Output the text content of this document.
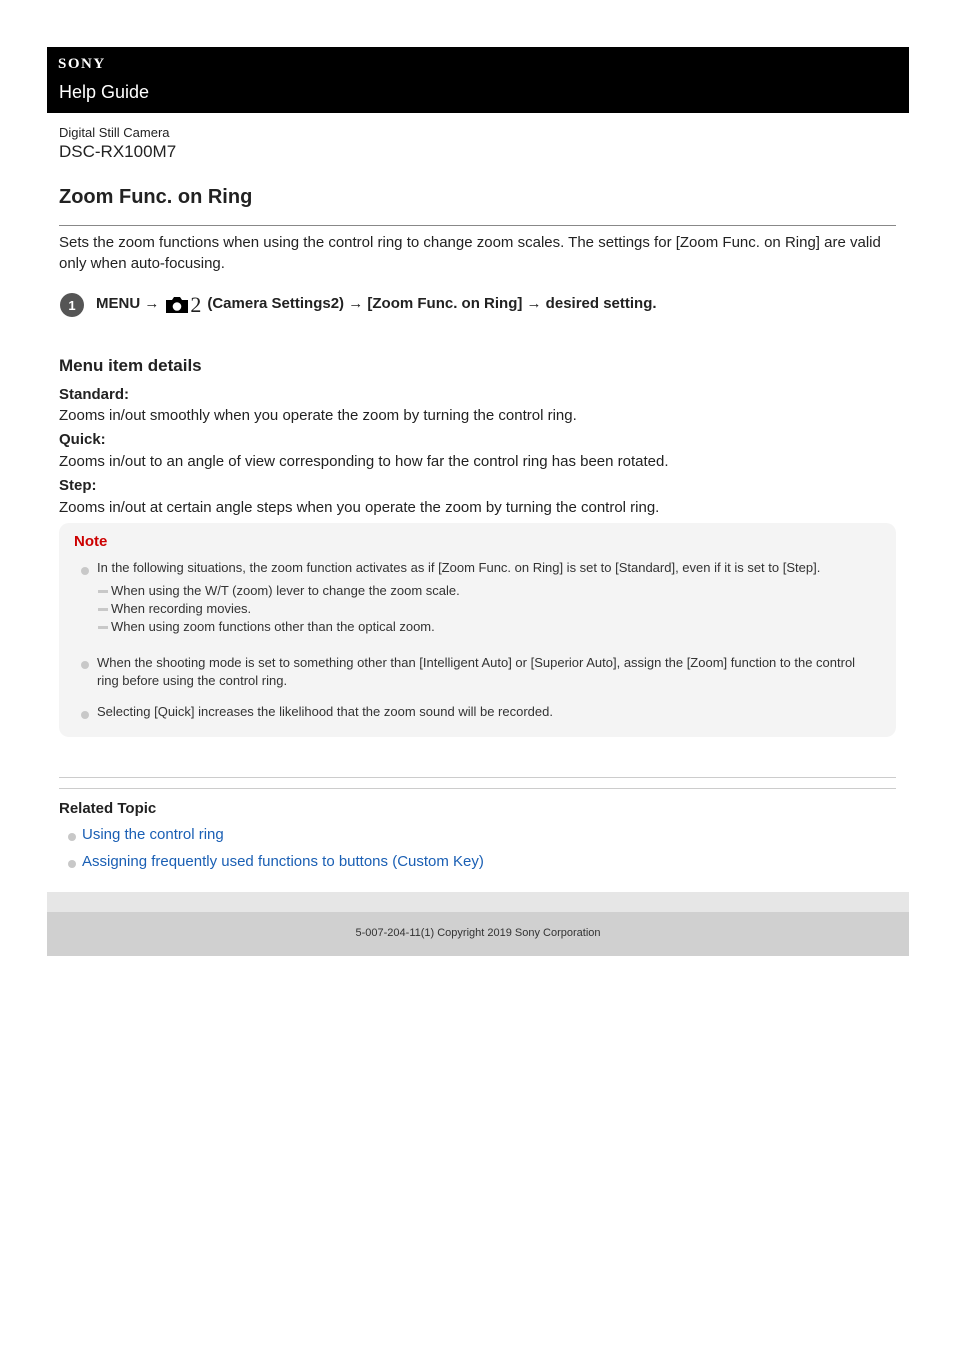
SONY
Help Guide
Digital Still Camera
DSC-RX100M7
Zoom Func. on Ring
Sets the zoom functions when using the control ring to change zoom scales. The settings for [Zoom Func. on Ring] are valid only when auto-focusing.
1	MENU → 2 (Camera Settings2) → [Zoom Func. on Ring] → desired setting.
Menu item details
Standard:
Zooms in/out smoothly when you operate the zoom by turning the control ring.
Quick:
Zooms in/out to an angle of view corresponding to how far the control ring has been rotated.
Step:
Zooms in/out at certain angle steps when you operate the zoom by turning the control ring.
Note
In the following situations, the zoom function activates as if [Zoom Func. on Ring] is set to [Standard], even if it is set to [Step].
When using the W/T (zoom) lever to change the zoom scale.
When recording movies.
When using zoom functions other than the optical zoom.
When the shooting mode is set to something other than [Intelligent Auto] or [Superior Auto], assign the [Zoom] function to the control ring before using the control ring.
Selecting [Quick] increases the likelihood that the zoom sound will be recorded.
Related Topic
Using the control ring
Assigning frequently used functions to buttons (Custom Key)
5-007-204-11(1) Copyright 2019 Sony Corporation
